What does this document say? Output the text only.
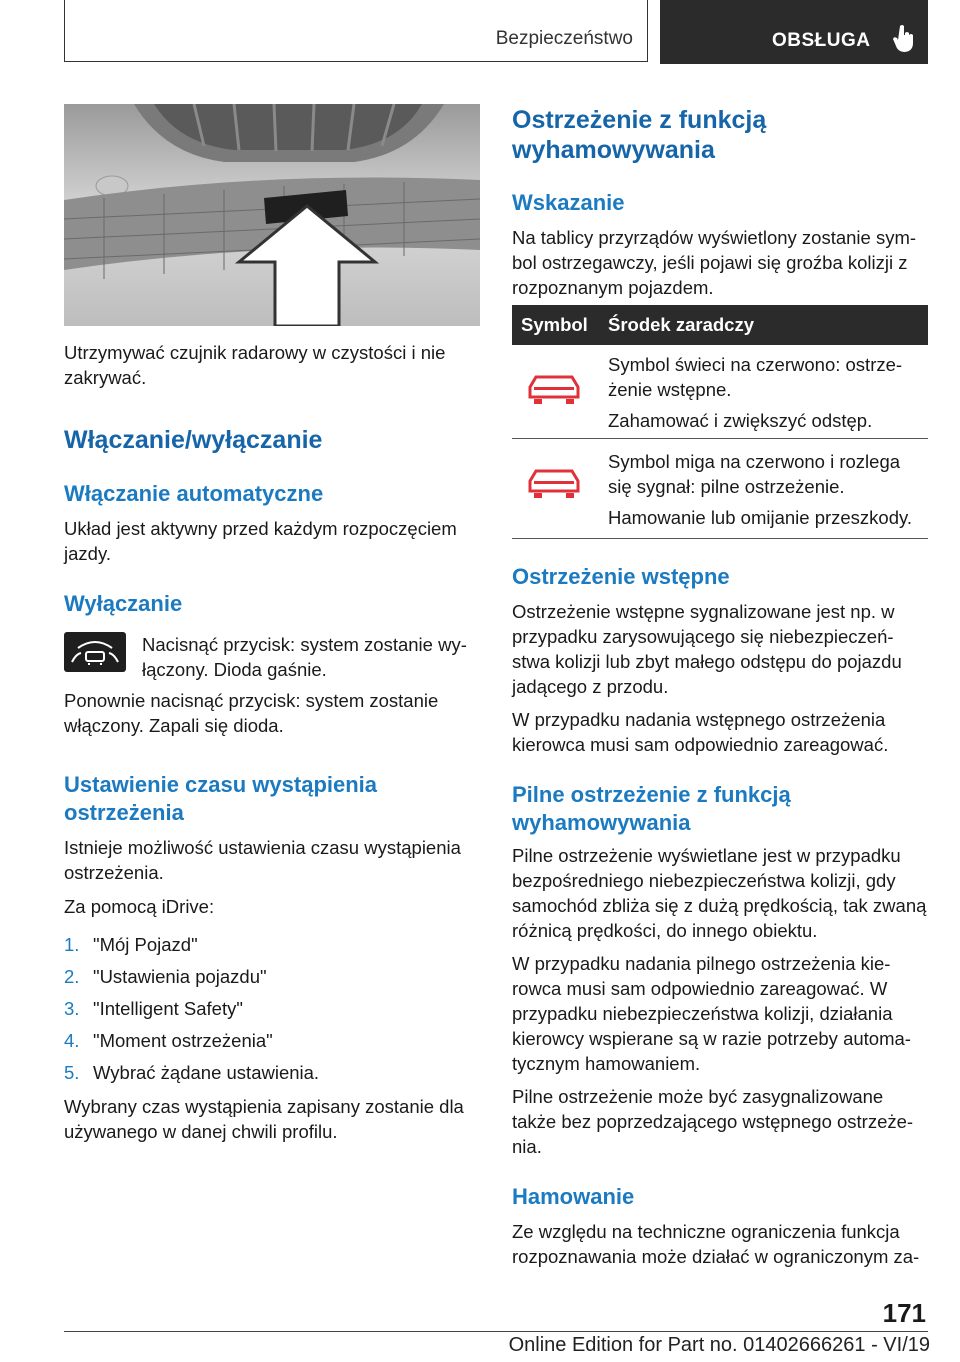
Bezpieczeństwo	OBSŁUGA

Utrzymywać czujnik radarowy w czystości i nie zakrywać.

Włączanie/wyłączanie
Włączanie automatyczne

Układ jest aktywny przed każdym rozpoczęciem jazdy.

Wyłączanie

Nacisnąć przycisk: system zostanie wy-

łączony. Dioda gaśnie.

Ponownie nacisnąć przycisk: system zostanie włączony. Zapali się dioda.

Ustawienie czasu wystąpienia ostrzeżenia

Istnieje możliwość ustawienia czasu wystąpienia ostrzeżenia.

Za pomocą iDrive:

1. "Mój Pojazd"
2. "Ustawienia pojazdu"
3. "Intelligent Safety"
4. "Moment ostrzeżenia"
5. Wybrać żądane ustawienia.

Wybrany czas wystąpienia zapisany zostanie dla używanego w danej chwili profilu.

Ostrzeżenie z funkcją wyhamowywania
Wskazanie

Na tablicy przyrządów wyświetlony zostanie sym- bol ostrzegawczy, jeśli pojawi się groźba kolizji z rozpoznanym pojazdem.

Symbol Środek zaradczy

Symbol świeci na czerwono: ostrze- żenie wstępne.

Zahamować i zwiększyć odstęp.

Symbol miga na czerwono i rozlega się sygnał: pilne ostrzeżenie.

Hamowanie lub omijanie przeszkody.

Ostrzeżenie wstępne

Ostrzeżenie wstępne sygnalizowane jest np. w przypadku zarysowującego się niebezpieczeń- stwa kolizji lub zbyt małego odstępu do pojazdu jadącego z przodu.

W przypadku nadania wstępnego ostrzeżenia kierowca musi sam odpowiednio zareagować.

Pilne ostrzeżenie z funkcją wyhamowywania

Pilne ostrzeżenie wyświetlane jest w przypadku bezpośredniego niebezpieczeństwa kolizji, gdy samochód zbliża się z dużą prędkością, tak zwaną różnicą prędkości, do innego obiektu.

W przypadku nadania pilnego ostrzeżenia kie- rowca musi sam odpowiednio zareagować. W przypadku niebezpieczeństwa kolizji, działania kierowcy wspierane są w razie potrzeby automa- tycznym hamowaniem.

Pilne ostrzeżenie może być zasygnalizowane także bez poprzedzającego wstępnego ostrzeże- nia.

Hamowanie

Ze względu na techniczne ograniczenia funkcja rozpoznawania może działać w ograniczonym za-

171
Online Edition for Part no. 01402666261 - VI/19
